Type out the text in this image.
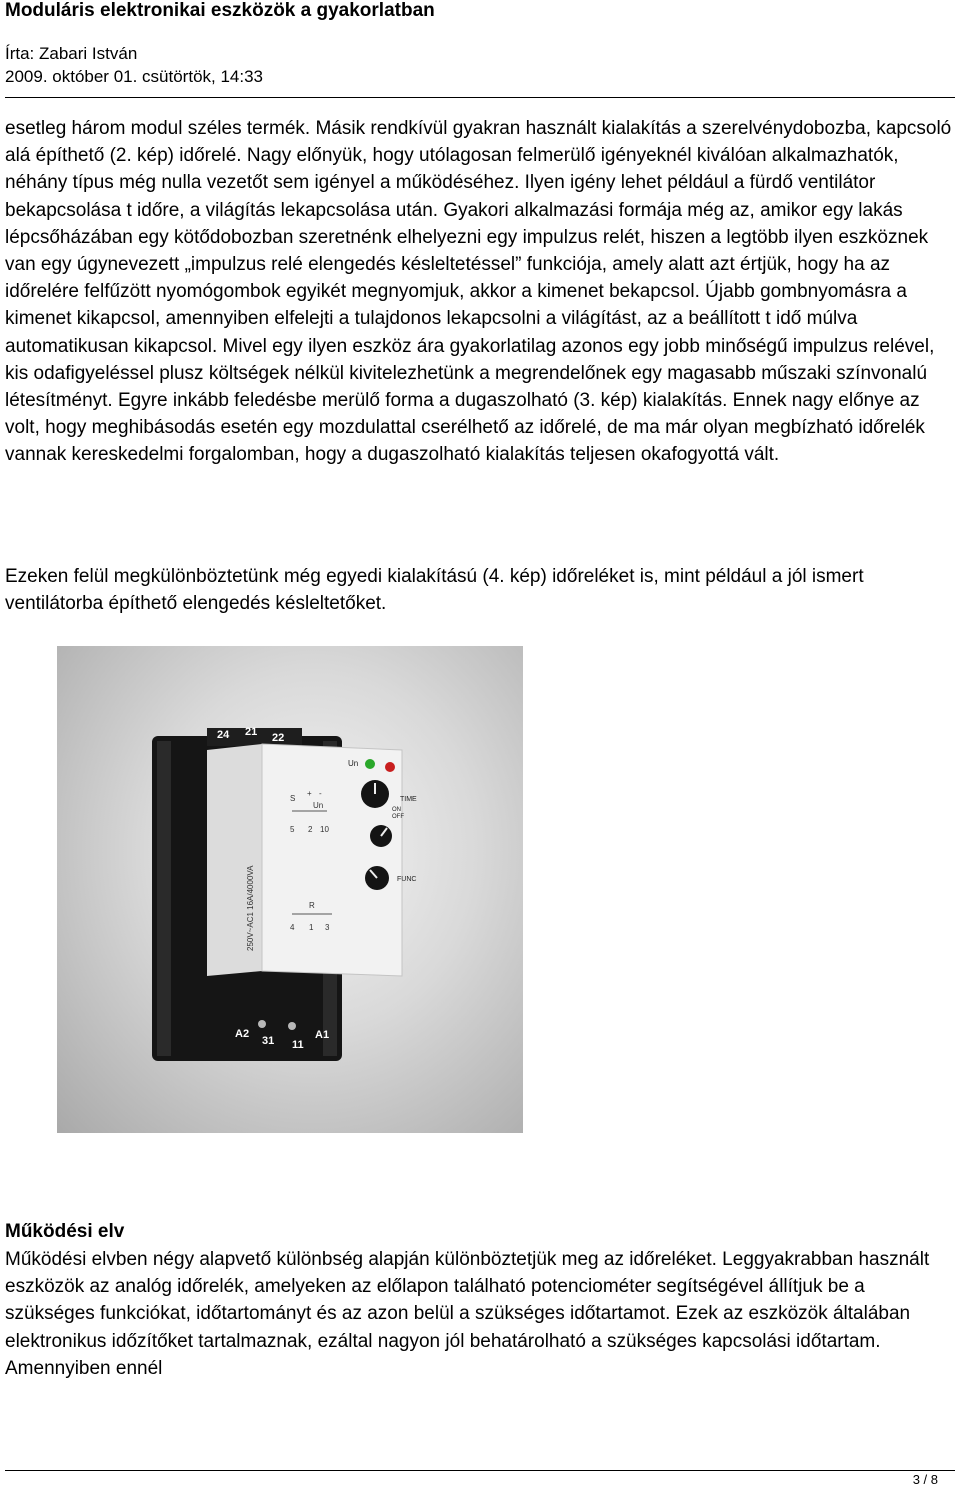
Moduláris elektronikai eszközök a gyakorlatban
Írta: Zabari István
2009. október 01. csütörtök, 14:33

esetleg három modul széles termék. Másik rendkívül gyakran használt kialakítás a szerelvénydobozba, kapcsoló alá építhető (2. kép) időrelé. Nagy előnyük, hogy utólagosan felmerülő igényeknél kiválóan alkalmazhatók, néhány típus még nulla vezetőt sem igényel a működéséhez. Ilyen igény lehet például a fürdő ventilátor bekapcsolása t időre, a világítás lekapcsolása után. Gyakori alkalmazási formája még az, amikor egy lakás lépcsőházában egy kötődobozban szeretnénk elhelyezni egy impulzus relét, hiszen a legtöbb ilyen eszköznek van egy úgynevezett „impulzus relé elengedés késleltetéssel” funkciója, amely alatt azt értjük, hogy ha az időrelére felfűzött nyomógombok egyikét megnyomjuk, akkor a kimenet bekapcsol. Újabb gombnyomásra a kimenet kikapcsol, amennyiben elfelejti a tulajdonos lekapcsolni a világítást, az a beállított t idő múlva automatikusan kikapcsol. Mivel egy ilyen eszköz ára gyakorlatilag azonos egy jobb minőségű impulzus relével, kis odafigyeléssel plusz költségek nélkül kivitelezhetünk a megrendelőnek egy magasabb műszaki színvonalú létesítményt. Egyre inkább feledésbe merülő forma a dugaszolható (3. kép) kialakítás. Ennek nagy előnye az volt, hogy meghibásodás esetén egy mozdulattal cserélhető az időrelé, de ma már olyan megbízható időrelék vannak kereskedelmi forgalomban, hogy a dugaszolható kialakítás teljesen okafogyottá vált.

Ezeken felül megkülönböztetünk még egyedi kialakítású (4. kép) időreléket is, mint például a jól ismert ventilátorba építhető elengedés késleltetőket.

24 21 22
A2
31 11
A1
250V~AC1 16A/4000VA
Un
TIME
ON
OFF
FUNC
S
+ -
Un
5 2 10
R
4 1 3
Működési elv

Működési elvben négy alapvető különbség alapján különböztetjük meg az időreléket. Leggyakrabban használt eszközök az analóg időrelék, amelyeken az előlapon található potenciométer segítségével állítjuk be a szükséges funkciókat, időtartományt és az azon belül a szükséges időtartamot. Ezek az eszközök általában elektronikus időzítőket tartalmaznak, ezáltal nagyon jól behatárolható a szükséges kapcsolási időtartam. Amennyiben ennél

3 / 8
